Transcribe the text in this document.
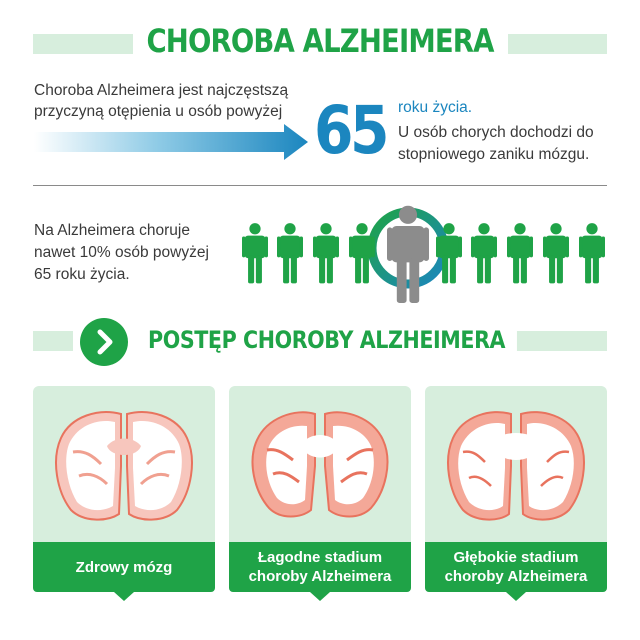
CHOROBA ALZHEIMERA
Choroba Alzheimera jest najczęstszą
przyczyną otępienia u osób powyżej 65 roku życia.
U osób chorych dochodzi do
stopniowego zaniku mózgu.
Na Alzheimera choruje
nawet 10% osób powyżej
65 roku życia.
POSTĘP CHOROBY ALZHEIMERA
Zdrowy mózg
Łagodne stadium
choroby Alzheimera
Głębokie stadium
choroby Alzheimera
